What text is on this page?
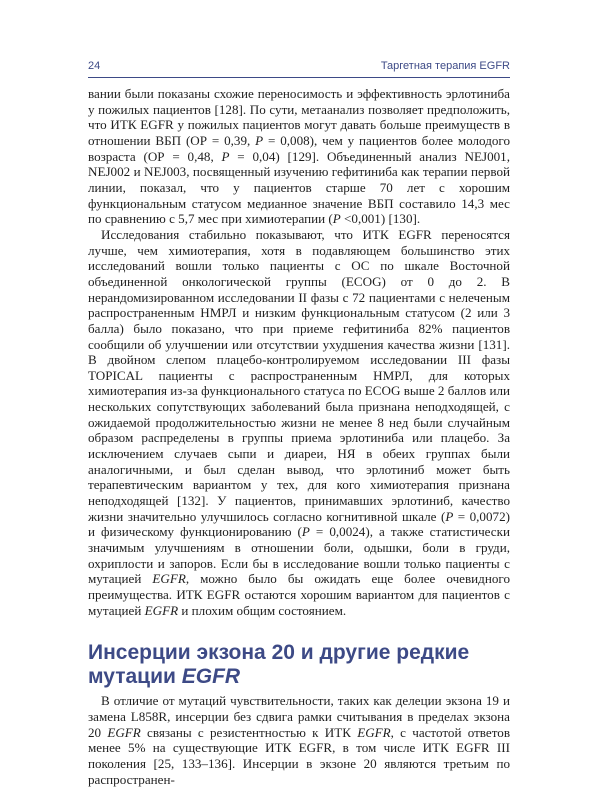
24	Таргетная терапия EGFR

вании были показаны схожие переносимость и эффективность эрлотиниба у пожилых пациентов [128]. По сути, метаанализ позволяет предположить, что ИТК EGFR у пожилых пациентов могут давать больше преимуществ в отношении ВБП (ОР = 0,39, P = 0,008), чем у пациентов более молодого возраста (ОР = 0,48, P = 0,04) [129]. Объединенный анализ NEJ001, NEJ002 и NEJ003, посвященный изучению гефитиниба как терапии первой линии, показал, что у пациентов старше 70 лет с хорошим функциональным статусом медианное значение ВБП составило 14,3 мес по сравнению с 5,7 мес при химиотерапии (P <0,001) [130].

Исследования стабильно показывают, что ИТК EGFR переносятся лучше, чем химиотерапия, хотя в подавляющем большинство этих исследований вошли только пациенты с ОС по шкале Восточной объединенной онкологической группы (ECOG) от 0 до 2. В нерандомизированном исследовании II фазы с 72 пациентами с нелеченым распространенным НМРЛ и низким функциональным статусом (2 или 3 балла) было показано, что при приеме гефитиниба 82% пациентов сообщили об улучшении или отсутствии ухудшения качества жизни [131]. В двойном слепом плацебо-контролируемом исследовании III фазы TOPICAL пациенты с распространенным НМРЛ, для которых химиотерапия из-за функционального статуса по ECOG выше 2 баллов или нескольких сопутствующих заболеваний была признана неподходящей, с ожидаемой продолжительностью жизни не менее 8 нед были случайным образом распределены в группы приема эрлотиниба или плацебо. За исключением случаев сыпи и диареи, НЯ в обеих группах были аналогичными, и был сделан вывод, что эрлотиниб может быть терапевтическим вариантом у тех, для кого химиотерапия признана неподходящей [132]. У пациентов, принимавших эрлотиниб, качество жизни значительно улучшилось согласно когнитивной шкале (P = 0,0072) и физическому функционированию (P = 0,0024), а также статистически значимым улучшениям в отношении боли, одышки, боли в груди, охриплости и запоров. Если бы в исследование вошли только пациенты с мутацией EGFR, можно было бы ожидать еще более очевидного преимущества. ИТК EGFR остаются хорошим вариантом для пациентов с мутацией EGFR и плохим общим состоянием.

Инсерции экзона 20 и другие редкие мутации EGFR

В отличие от мутаций чувствительности, таких как делеции экзона 19 и замена L858R, инсерции без сдвига рамки считывания в пределах экзона 20 EGFR связаны с резистентностью к ИТК EGFR, с частотой ответов менее 5% на существующие ИТК EGFR, в том числе ИТК EGFR III поколения [25, 133–136]. Инсерции в экзоне 20 являются третьим по распространен-
